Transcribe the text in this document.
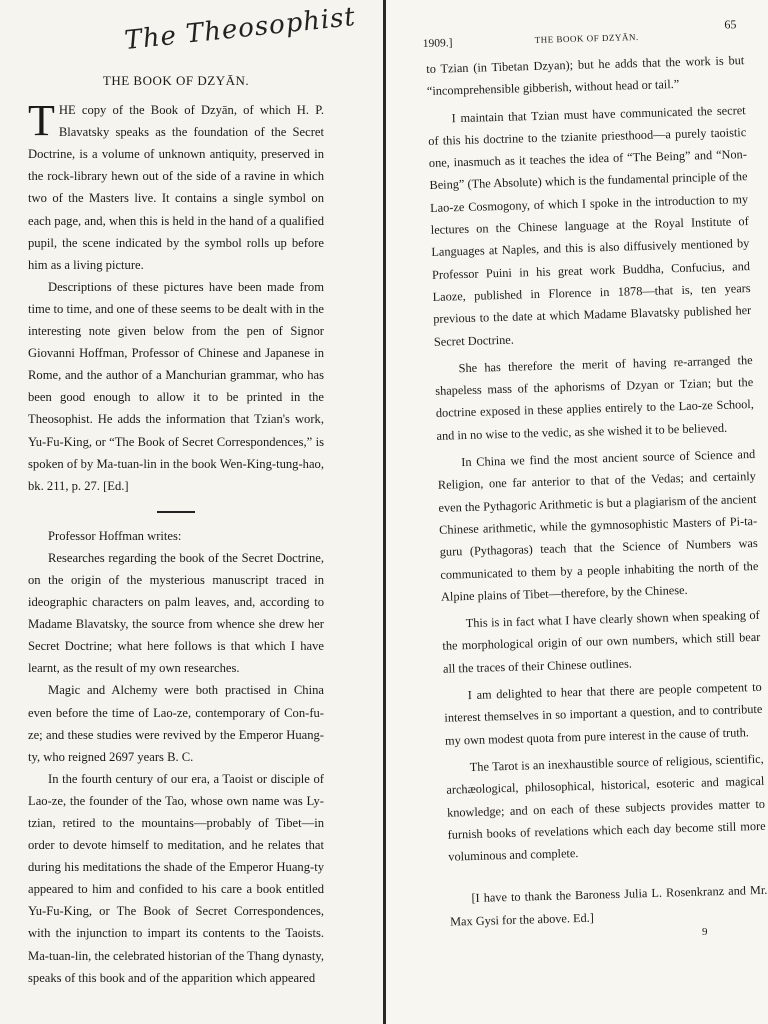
The Theosophist
THE BOOK OF DZYĀN.

THE copy of the Book of Dzyān, of which H. P. Blavatsky speaks as the foundation of the Secret Doctrine, is a volume of unknown antiquity, preserved in the rock-library hewn out of the side of a ravine in which two of the Masters live. It contains a single symbol on each page, and, when this is held in the hand of a qualified pupil, the scene indicated by the symbol rolls up before him as a living picture.

Descriptions of these pictures have been made from time to time, and one of these seems to be dealt with in the interesting note given below from the pen of Signor Giovanni Hoffman, Professor of Chinese and Japanese in Rome, and the author of a Manchurian grammar, who has been good enough to allow it to be printed in the Theosophist. He adds the information that Tzian's work, Yu-Fu-King, or “The Book of Secret Correspondences,” is spoken of by Ma-tuan-lin in the book Wen-King-tung-hao, bk. 211, p. 27. [Ed.]

Professor Hoffman writes:

Researches regarding the book of the Secret Doctrine, on the origin of the mysterious manuscript traced in ideographic characters on palm leaves, and, according to Madame Blavatsky, the source from whence she drew her Secret Doctrine; what here follows is that which I have learnt, as the result of my own researches.

Magic and Alchemy were both practised in China even before the time of Lao-ze, contemporary of Con-fu-ze; and these studies were revived by the Emperor Huang-ty, who reigned 2697 years B. C.

In the fourth century of our era, a Taoist or disciple of Lao-ze, the founder of the Tao, whose own name was Ly-tzian, retired to the mountains—probably of Tibet—in order to devote himself to meditation, and he relates that during his meditations the shade of the Emperor Huang-ty appeared to him and confided to his care a book entitled Yu-Fu-King, or The Book of Secret Correspondences, with the injunction to impart its contents to the Taoists. Ma-tuan-lin, the celebrated historian of the Thang dynasty, speaks of this book and of the apparition which appeared

1909.]	THE BOOK OF DZYĀN.
65

to Tzian (in Tibetan Dzyan); but he adds that the work is but “incomprehensible gibberish, without head or tail.”

I maintain that Tzian must have communicated the secret of this his doctrine to the tzianite priesthood—a purely taoistic one, inasmuch as it teaches the idea of “The Being” and “Non-Being” (The Absolute) which is the fundamental principle of the Lao-ze Cosmogony, of which I spoke in the introduction to my lectures on the Chinese language at the Royal Institute of Languages at Naples, and this is also diffusively mentioned by Professor Puini in his great work Buddha, Confucius, and Laoze, published in Florence in 1878—that is, ten years previous to the date at which Madame Blavatsky published her Secret Doctrine.

She has therefore the merit of having re-arranged the shapeless mass of the aphorisms of Dzyan or Tzian; but the doctrine exposed in these applies entirely to the Lao-ze School, and in no wise to the vedic, as she wished it to be believed.

In China we find the most ancient source of Science and Religion, one far anterior to that of the Vedas; and certainly even the Pythagoric Arithmetic is but a plagiarism of the ancient Chinese arithmetic, while the gymnosophistic Masters of Pi-ta-guru (Pythagoras) teach that the Science of Numbers was communicated to them by a people inhabiting the north of the Alpine plains of Tibet—therefore, by the Chinese.

This is in fact what I have clearly shown when speaking of the morphological origin of our own numbers, which still bear all the traces of their Chinese outlines.

I am delighted to hear that there are people competent to interest themselves in so important a question, and to contribute my own modest quota from pure interest in the cause of truth.

The Tarot is an inexhaustible source of religious, scientific, archæological, philosophical, historical, esoteric and magical knowledge; and on each of these subjects provides matter to furnish books of revelations which each day become still more voluminous and complete.

[I have to thank the Baroness Julia L. Rosenkranz and Mr. Max Gysi for the above. Ed.]

9
